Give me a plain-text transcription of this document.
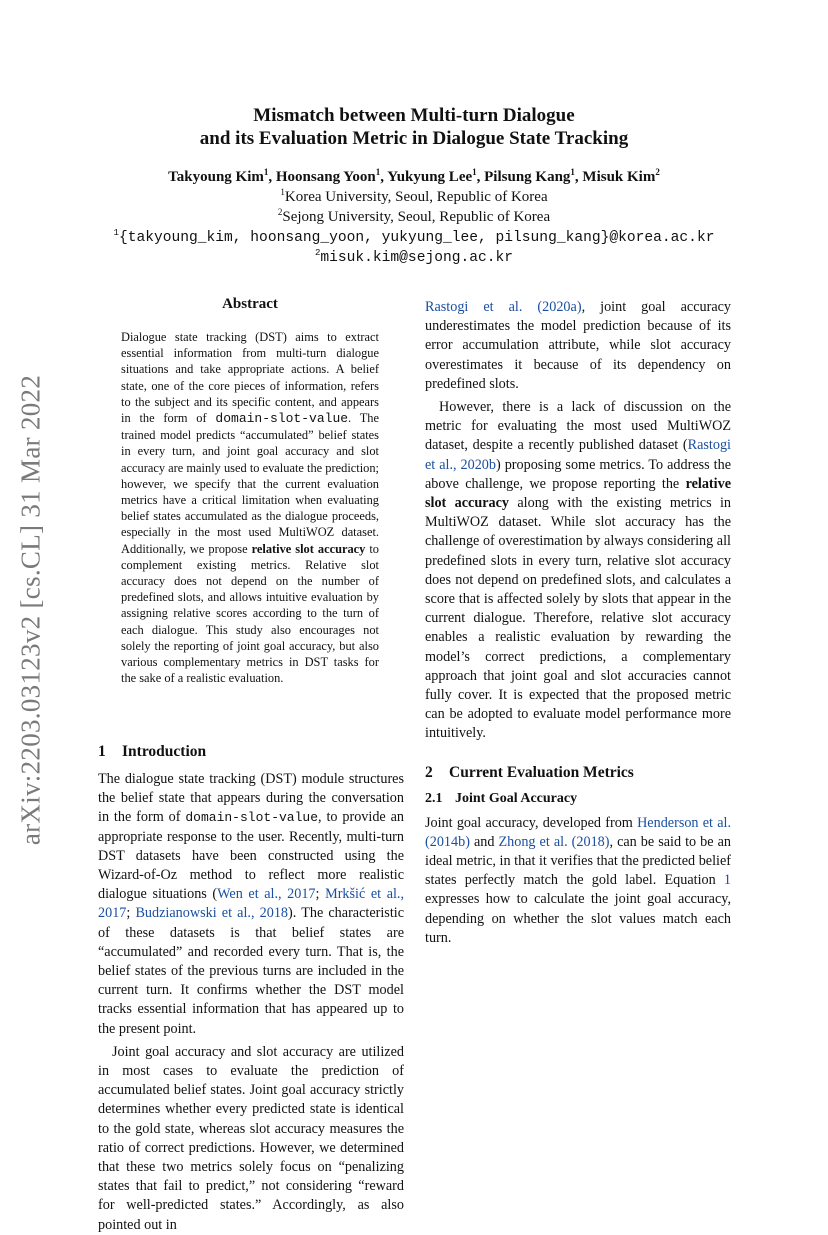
arXiv:2203.03123v2 [cs.CL] 31 Mar 2022
Mismatch between Multi-turn Dialogue
and its Evaluation Metric in Dialogue State Tracking
Takyoung Kim$^1$, Hoonsang Yoon$^1$, Yukyung Lee$^1$, Pilsung Kang$^1$, Misuk Kim$^2$
$^1$Korea University, Seoul, Republic of Korea
$^2$Sejong University, Seoul, Republic of Korea
$^1${takyoung_kim, hoonsang_yoon, yukyung_lee, pilsung_kang}@korea.ac.kr
$^2$misuk.kim@sejong.ac.kr
Abstract

Dialogue state tracking (DST) aims to extract essential information from multi-turn dialogue situations and take appropriate actions. A belief state, one of the core pieces of information, refers to the subject and its specific content, and appears in the form of domain-slot-value. The trained model predicts “accumulated” belief states in every turn, and joint goal accuracy and slot accuracy are mainly used to evaluate the prediction; however, we specify that the current evaluation metrics have a critical limitation when evaluating belief states accumulated as the dialogue proceeds, especially in the most used MultiWOZ dataset. Additionally, we propose relative slot accuracy to complement existing metrics. Relative slot accuracy does not depend on the number of predefined slots, and allows intuitive evaluation by assigning relative scores according to the turn of each dialogue. This study also encourages not solely the reporting of joint goal accuracy, but also various complementary metrics in DST tasks for the sake of a realistic evaluation.

1 Introduction

The dialogue state tracking (DST) module structures the belief state that appears during the conversation in the form of domain-slot-value, to provide an appropriate response to the user. Recently, multi-turn DST datasets have been constructed using the Wizard-of-Oz method to reflect more realistic dialogue situations (Wen et al., 2017; Mrkšić et al., 2017; Budzianowski et al., 2018). The characteristic of these datasets is that belief states are “accumulated” and recorded every turn. That is, the belief states of the previous turns are included in the current turn. It confirms whether the DST model tracks essential information that has appeared up to the present point.

Joint goal accuracy and slot accuracy are utilized in most cases to evaluate the prediction of accumulated belief states. Joint goal accuracy strictly determines whether every predicted state is identical to the gold state, whereas slot accuracy measures the ratio of correct predictions. However, we determined that these two metrics solely focus on “penalizing states that fail to predict,” not considering “reward for well-predicted states.” Accordingly, as also pointed out in

Rastogi et al. (2020a), joint goal accuracy underestimates the model prediction because of its error accumulation attribute, while slot accuracy overestimates it because of its dependency on predefined slots.

However, there is a lack of discussion on the metric for evaluating the most used MultiWOZ dataset, despite a recently published dataset (Rastogi et al., 2020b) proposing some metrics. To address the above challenge, we propose reporting the relative slot accuracy along with the existing metrics in MultiWOZ dataset. While slot accuracy has the challenge of overestimation by always considering all predefined slots in every turn, relative slot accuracy does not depend on predefined slots, and calculates a score that is affected solely by slots that appear in the current dialogue. Therefore, relative slot accuracy enables a realistic evaluation by rewarding the model’s correct predictions, a complementary approach that joint goal and slot accuracies cannot fully cover. It is expected that the proposed metric can be adopted to evaluate model performance more intuitively.

2 Current Evaluation Metrics
2.1 Joint Goal Accuracy

Joint goal accuracy, developed from Henderson et al. (2014b) and Zhong et al. (2018), can be said to be an ideal metric, in that it verifies that the predicted belief states perfectly match the gold label. Equation 1 expresses how to calculate the joint goal accuracy, depending on whether the slot values match each turn.
